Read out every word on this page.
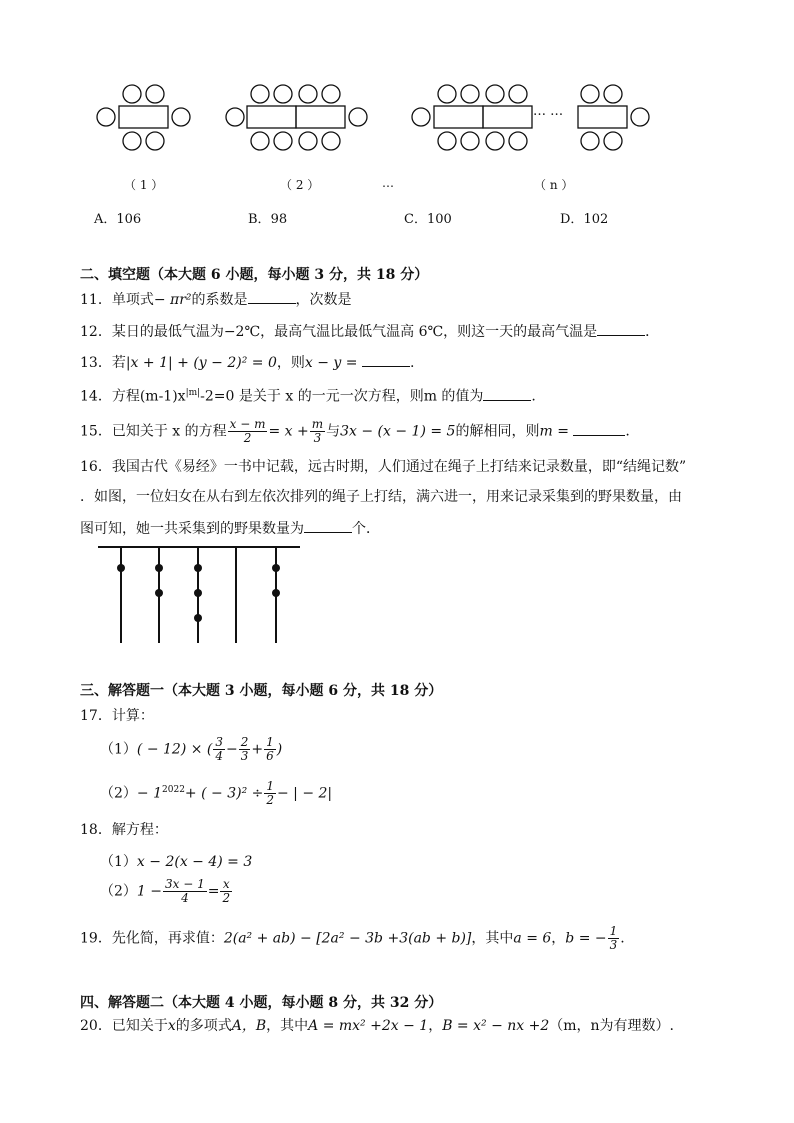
… …
（ 1 ）	（ 2 ）	…	（ n ）
A．106	B．98	C．100	D．102
二、填空题（本大题 6 小题，每小题 3 分，共 18 分）
11．单项式− πr²的系数是	，次数是
12．某日的最低气温为−2℃，最高气温比最低气温高 6℃，则这一天的最高气温是	．
13．若|x + 1| + (y − 2)² = 0，则x − y =	.
14．方程$(m-1)x^{|m|}-2=0$ 是关于 x 的一元一次方程，则m 的值为	.
15．已知关于 x 的方程 $\frac{x - m}{2} = x + \frac{m}{3}$ 与3x − (x − 1) = 5的解相同，则m =	.
16．我国古代《易经》一书中记载，远古时期，人们通过在绳子上打结来记录数量，即“结绳记数”
．如图，一位妇女在从右到左依次排列的绳子上打结，满六进一，用来记录采集到的野果数量，由
图可知，她一共采集到的野果数量为	个．
三、解答题一（本大题 3 小题，每小题 6 分，共 18 分）
17．计算：
（1）( − 12) × ( $\frac{3}{4} - \frac{2}{3} + \frac{1}{6}$ )
$(2)- 1^{2022}+$ ( − $3)^2 \div \frac{1}{2}$ − | − 2|
18．解方程：
（1）x − 2(x − 4) = 3
$(2)1 - \frac{3x - 1}{4} = \frac{x}{2}$
19．先化简，再求值：2(a² + ab) − [2a² − 3b +3(ab + b)]，其中a = 6，b = − $\frac{1}{3}$ .
四、解答题二（本大题 4 小题，每小题 8 分，共 32 分）
20．已知关于x的多项式A，B，其中A = mx² +2x − 1，B = x² − nx +2（m，n为有理数）.
